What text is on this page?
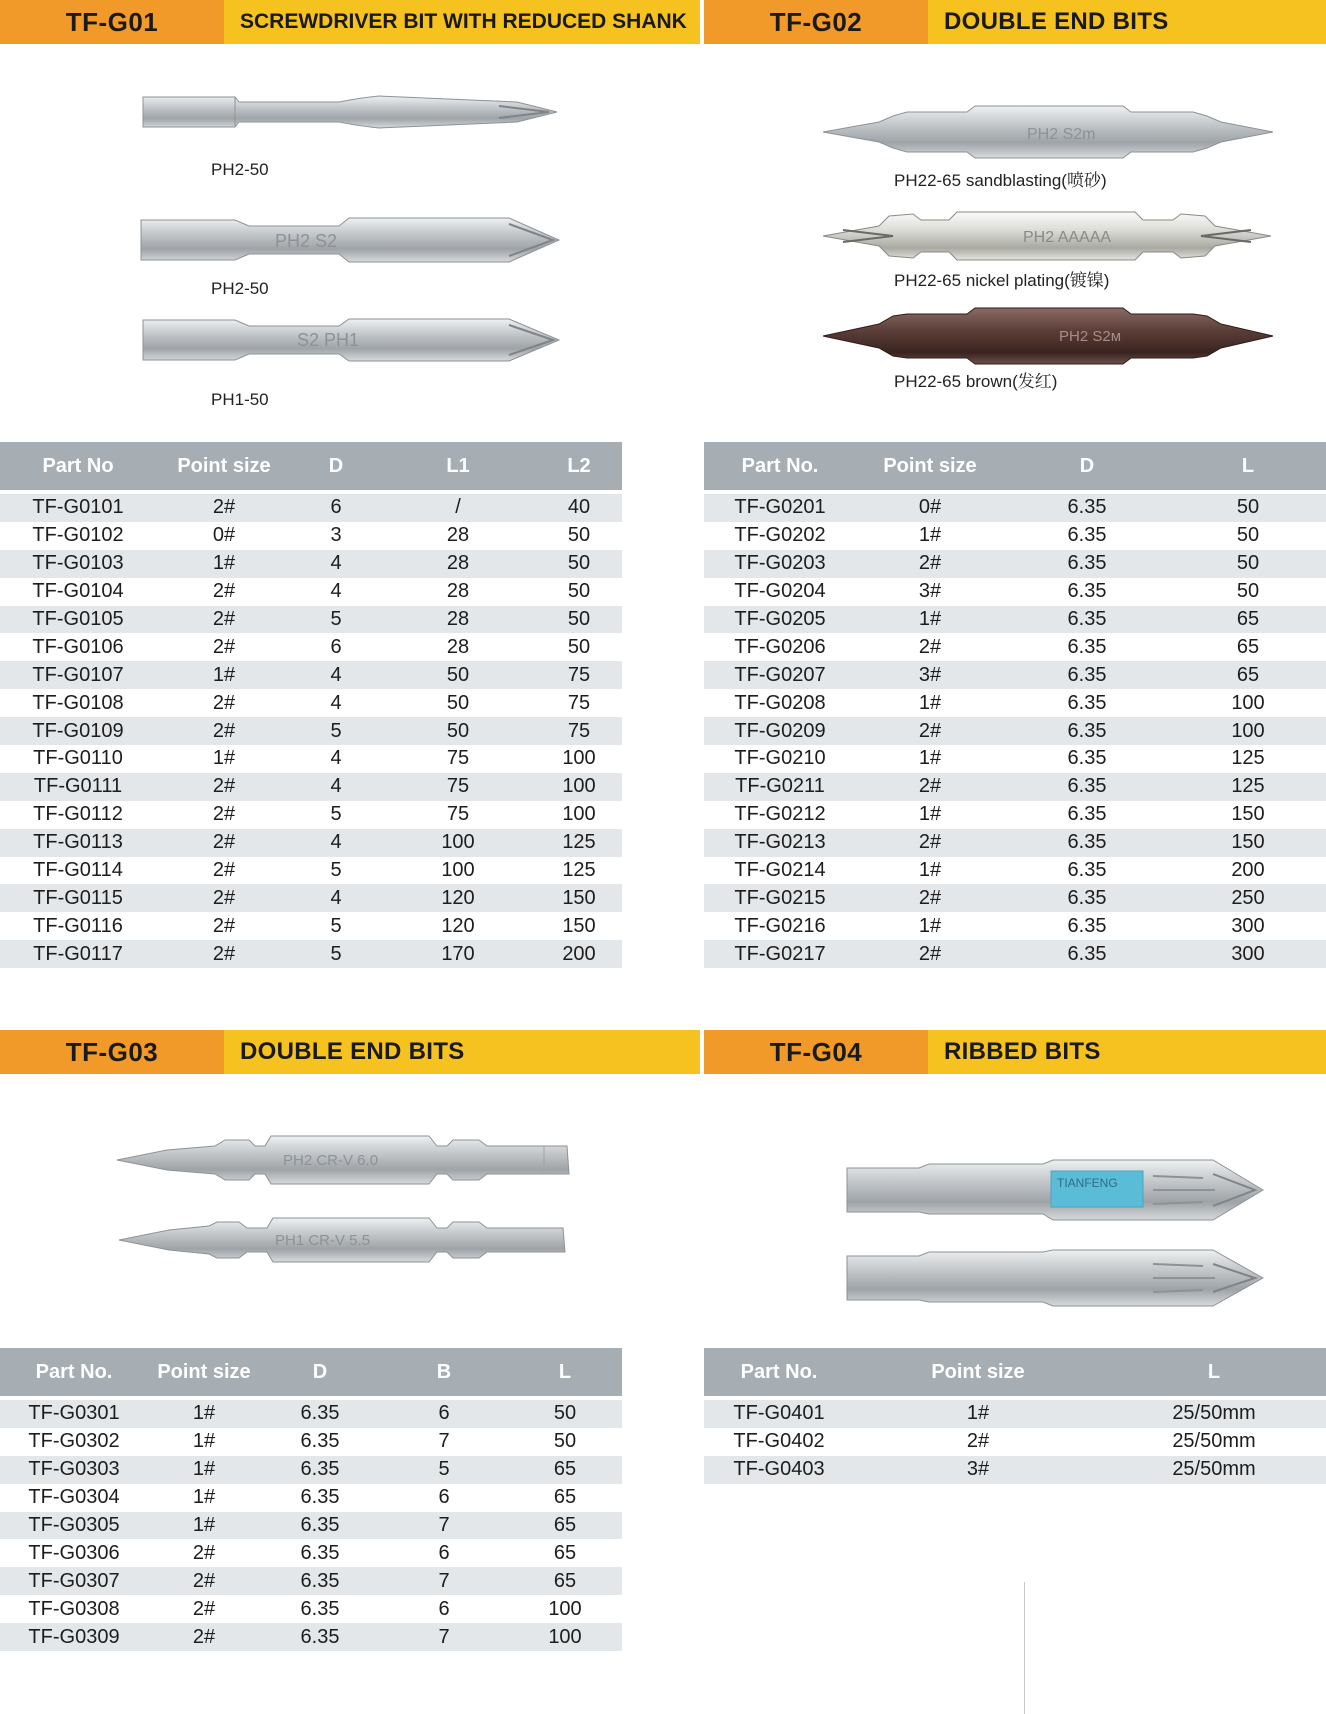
TF-G01	SCREWDRIVER BIT WITH REDUCED SHANK
PH2 S2
S2 PH1
PH2-50
PH2-50
PH1-50
Part No	Point size	D	L1	L2
TF-G0101	2#	6	/	40
TF-G0102	0#	3	28	50
TF-G0103	1#	4	28	50
TF-G0104	2#	4	28	50
TF-G0105	2#	5	28	50
TF-G0106	2#	6	28	50
TF-G0107	1#	4	50	75
TF-G0108	2#	4	50	75
TF-G0109	2#	5	50	75
TF-G0110	1#	4	75	100
TF-G0111	2#	4	75	100
TF-G0112	2#	5	75	100
TF-G0113	2#	4	100	125
TF-G0114	2#	5	100	125
TF-G0115	2#	4	120	150
TF-G0116	2#	5	120	150
TF-G0117	2#	5	170	200
TF-G02	DOUBLE END BITS
PH2 S2m
PH2 AAAAA
PH2 S2м
PH22-65 sandblasting(喷砂)
PH22-65 nickel plating(镀镍)
PH22-65 brown(发红)
Part No.	Point size	D	L
TF-G0201	0#	6.35	50
TF-G0202	1#	6.35	50
TF-G0203	2#	6.35	50
TF-G0204	3#	6.35	50
TF-G0205	1#	6.35	65
TF-G0206	2#	6.35	65
TF-G0207	3#	6.35	65
TF-G0208	1#	6.35	100
TF-G0209	2#	6.35	100
TF-G0210	1#	6.35	125
TF-G0211	2#	6.35	125
TF-G0212	1#	6.35	150
TF-G0213	2#	6.35	150
TF-G0214	1#	6.35	200
TF-G0215	2#	6.35	250
TF-G0216	1#	6.35	300
TF-G0217	2#	6.35	300
TF-G03	DOUBLE END BITS
PH2 CR-V 6.0
PH1 CR-V 5.5
Part No.	Point size	D	B	L
TF-G0301	1#	6.35	6	50
TF-G0302	1#	6.35	7	50
TF-G0303	1#	6.35	5	65
TF-G0304	1#	6.35	6	65
TF-G0305	1#	6.35	7	65
TF-G0306	2#	6.35	6	65
TF-G0307	2#	6.35	7	65
TF-G0308	2#	6.35	6	100
TF-G0309	2#	6.35	7	100
TF-G04	RIBBED BITS
TIANFENG
Part No.	Point size	L
TF-G0401	1#	25/50mm
TF-G0402	2#	25/50mm
TF-G0403	3#	25/50mm
